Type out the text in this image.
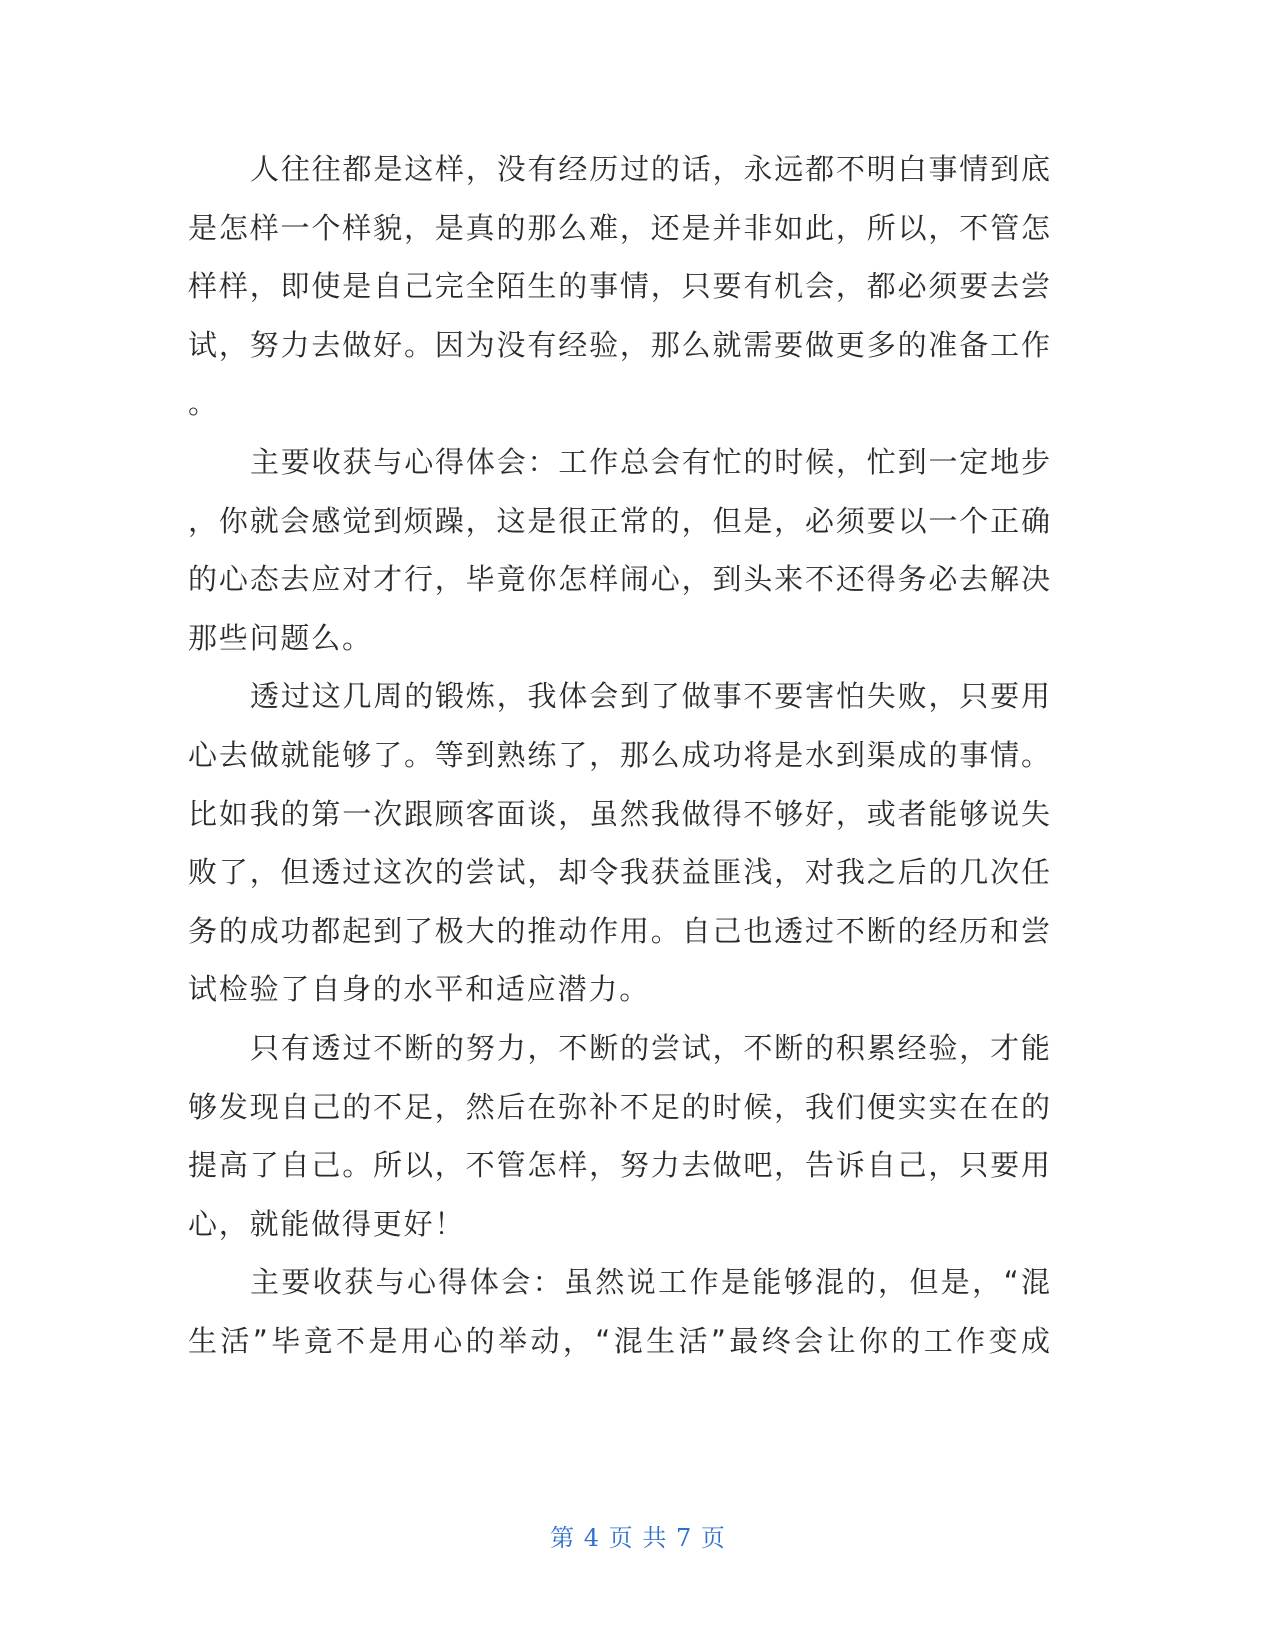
人往往都是这样，没有经历过的话，永远都不明白事情到底
是怎样一个样貌，是真的那么难，还是并非如此，所以，不管怎
样样，即使是自己完全陌生的事情，只要有机会，都必须要去尝
试，努力去做好。因为没有经验，那么就需要做更多的准备工作
。
主要收获与心得体会：工作总会有忙的时候，忙到一定地步
，你就会感觉到烦躁，这是很正常的，但是，必须要以一个正确
的心态去应对才行，毕竟你怎样闹心，到头来不还得务必去解决
那些问题么。
透过这几周的锻炼，我体会到了做事不要害怕失败，只要用
心去做就能够了。等到熟练了，那么成功将是水到渠成的事情。
比如我的第一次跟顾客面谈，虽然我做得不够好，或者能够说失
败了，但透过这次的尝试，却令我获益匪浅，对我之后的几次任
务的成功都起到了极大的推动作用。自己也透过不断的经历和尝
试检验了自身的水平和适应潜力。
只有透过不断的努力，不断的尝试，不断的积累经验，才能
够发现自己的不足，然后在弥补不足的时候，我们便实实在在的
提高了自己。所以，不管怎样，努力去做吧，告诉自己，只要用
心，就能做得更好！
主要收获与心得体会：虽然说工作是能够混的，但是，“混
生活”毕竟不是用心的举动，“混生活”最终会让你的工作变成
第 4 页 共 7 页
